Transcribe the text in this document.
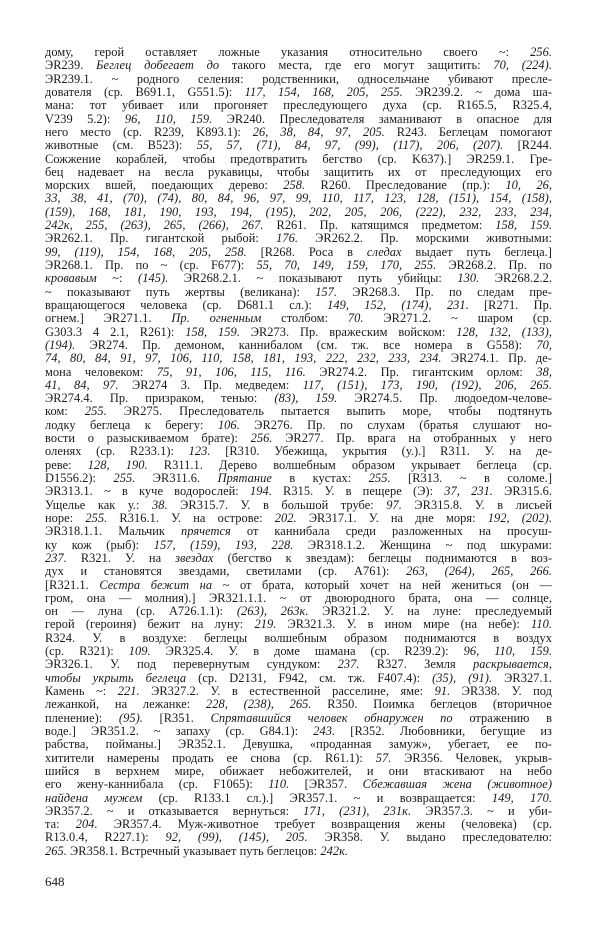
дому, герой оставляет ложные указания относительно своего ~: 256.
ЭR239. Беглец добегает до такого места, где его могут защитить: 70, (224).
ЭR239.1. ~ родного селения: родственники, односельчане убивают пресле-
дователя (ср. B691.1, G551.5): 117, 154, 168, 205, 255. ЭR239.2. ~ дома ша-
мана: тот убивает или прогоняет преследующего духа (ср. R165.5, R325.4,
V239 5.2): 96, 110, 159. ЭR240. Преследователя заманивают в опасное для
него место (ср. R239, K893.1): 26, 38, 84, 97, 205. R243. Беглецам помогают
животные (см. B523): 55, 57, (71), 84, 97, (99), (117), 206, (207). [R244.
Сожжение кораблей, чтобы предотвратить бегство (ср. K637).] ЭR259.1. Гре-
бец надевает на весла рукавицы, чтобы защитить их от преследующих его
морских вшей, поедающих дерево: 258. R260. Преследование (пр.): 10, 26,
33, 38, 41, (70), (74), 80, 84, 96, 97, 99, 110, 117, 123, 128, (151), 154, (158),
(159), 168, 181, 190, 193, 194, (195), 202, 205, 206, (222), 232, 233, 234,
242к, 255, (263), 265, (266), 267. R261. Пр. катящимся предметом: 158, 159.
ЭR262.1. Пр. гигантской рыбой: 176. ЭR262.2. Пр. морскими животными:
99, (119), 154, 168, 205, 258. [R268. Роса в следах выдает путь беглеца.]
ЭR268.1. Пр. по ~ (ср. F677): 55, 70, 149, 159, 170, 255. ЭR268.2. Пр. по
кровавым ~: (145). ЭR268.2.1. ~ показывают путь убийцы: 130. ЭR268.2.2.
~ показывают путь жертвы (великана): 157. ЭR268.3. Пр. по следам пре-
вращающегося человека (ср. D681.1 сл.): 149, 152, (174), 231. [R271. Пр.
огнем.] ЭR271.1. Пр. огненным столбом: 70. ЭR271.2. ~ шаром (ср.
G303.3 4 2.1, R261): 158, 159. ЭR273. Пр. вражеским войском: 128, 132, (133),
(194). ЭR274. Пр. демоном, каннибалом (см. тж. все номера в G558): 70,
74, 80, 84, 91, 97, 106, 110, 158, 181, 193, 222, 232, 233, 234. ЭR274.1. Пр. де-
мона человеком: 75, 91, 106, 115, 116. ЭR274.2. Пр. гигантским орлом: 38,
41, 84, 97. ЭR274 3. Пр. медведем: 117, (151), 173, 190, (192), 206, 265.
ЭR274.4. Пр. призраком, тенью: (83), 159. ЭR274.5. Пр. людоедом-челове-
ком: 255. ЭR275. Преследователь пытается выпить море, чтобы подтянуть
лодку беглеца к берегу: 106. ЭR276. Пр. по слухам (братья слушают но-
вости о разыскиваемом брате): 256. ЭR277. Пр. врага на отобранных у него
оленях (ср. R233.1): 123. [R310. Убежища, укрытия (у.).] R311. У. на де-
реве: 128, 190. R311.1. Дерево волшебным образом укрывает беглеца (ср.
D1556.2): 255. ЭR311.6. Прятание в кустах: 255. [R313. ~ в соломе.]
ЭR313.1. ~ в куче водорослей: 194. R315. У. в пещере (Э): 37, 231. ЭR315.6.
Ущелье как у.: 38. ЭR315.7. У. в большой трубе: 97. ЭR315.8. У. в лисьей
норе: 255. R316.1. У. на острове: 202. ЭR317.1. У. на дне моря: 192, (202).
ЭR318.1.1. Мальчик прячется от каннибала среди разложенных на просуш-
ку кож (рыб): 157, (159), 193, 228. ЭR318.1.2. Женщина ~ под шкурами:
237. R321. У. на звездах (бегство к звездам): беглецы поднимаются в воз-
дух и становятся звездами, светилами (ср. A761): 263, (264), 265, 266.
[R321.1. Сестра бежит на ~ от брата, который хочет на ней жениться (он —
гром, она — молния).] ЭR321.1.1. ~ от двоюродного брата, она — солнце,
он — луна (ср. A726.1.1): (263), 263к. ЭR321.2. У. на луне: преследуемый
герой (героиня) бежит на луну: 219. ЭR321.3. У. в ином мире (на небе): 110.
R324. У. в воздухе: беглецы волшебным образом поднимаются в воздух
(ср. R321): 109. ЭR325.4. У. в доме шамана (ср. R239.2): 96, 110, 159.
ЭR326.1. У. под перевернутым сундуком: 237. R327. Земля раскрывается,
чтобы укрыть беглеца (ср. D2131, F942, см. тж. F407.4): (35), (91). ЭR327.1.
Камень ~: 221. ЭR327.2. У. в естественной расселине, яме: 91. ЭR338. У. под
лежанкой, на лежанке: 228, (238), 265. R350. Поимка беглецов (вторичное
пленение): (95). [R351. Спрятавшийся человек обнаружен по отражению в
воде.] ЭR351.2. ~ запаху (ср. G84.1): 243. [R352. Любовники, бегущие из
рабства, пойманы.] ЭR352.1. Девушка, «проданная замуж», убегает, ее по-
хитители намерены продать ее снова (ср. R61.1): 57. ЭR356. Человек, укрыв-
шийся в верхнем мире, обижает небожителей, и они втаскивают на небо
его жену-каннибала (ср. F1065): 110. [ЭR357. Сбежавшая жена (животное)
найдена мужем (ср. R133.1 сл.).] ЭR357.1. ~ и возвращается: 149, 170.
ЭR357.2. ~ и отказывается вернуться: 171, (231), 231к. ЭR357.3. ~ и уби-
та: 204. ЭR357.4. Муж-животное требует возвращения жены (человека) (ср.
R13.0.4, R227.1): 92, (99), (145), 205. ЭR358. У. выдано преследователю:
265. ЭR358.1. Встречный указывает путь беглецов: 242к.
648
